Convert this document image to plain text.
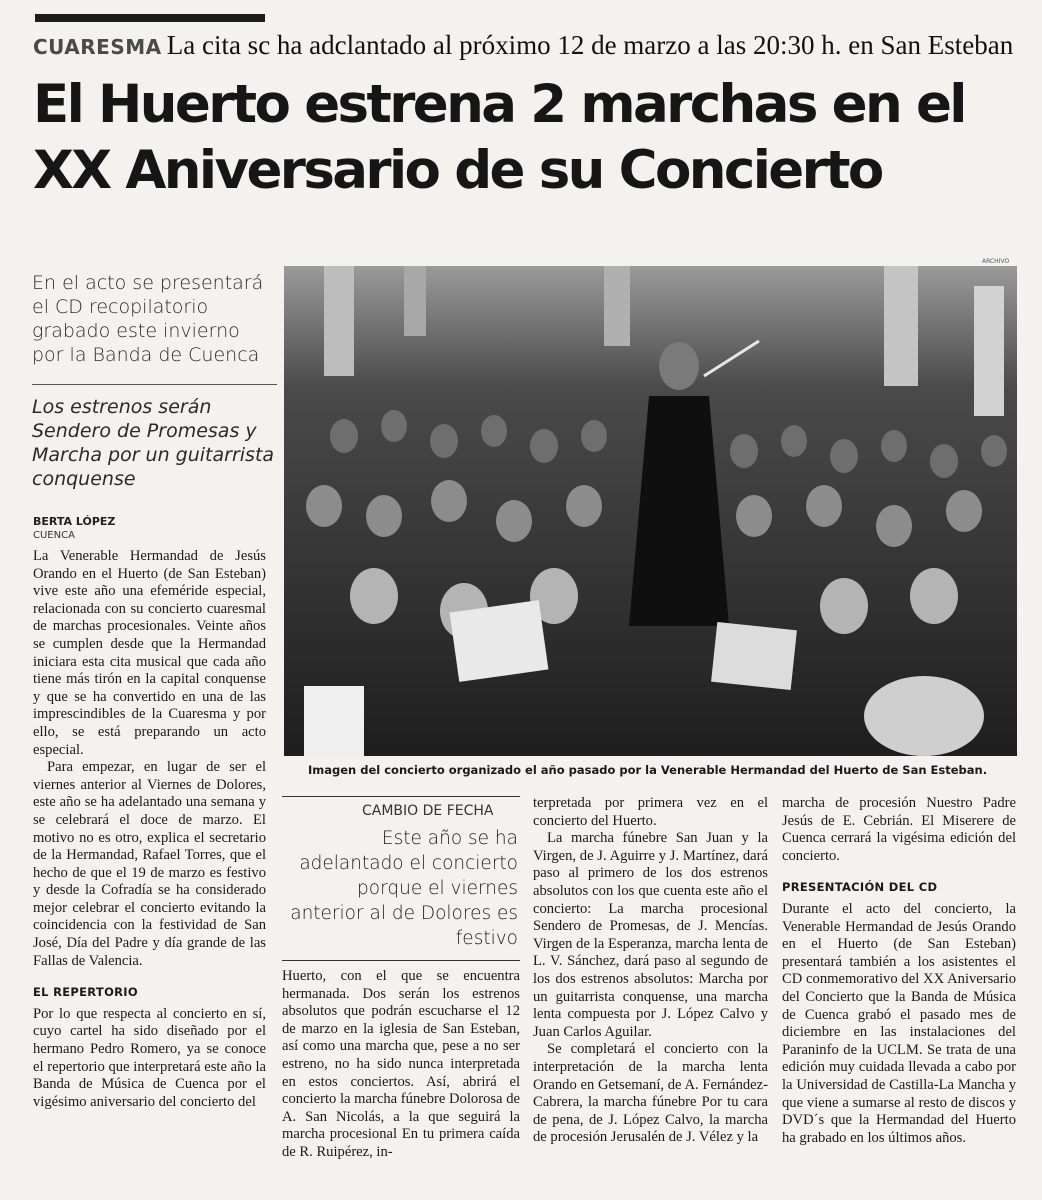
CUARESMA La cita sc ha adclantado al próximo 12 de marzo a las 20:30 h. en San Esteban
El Huerto estrena 2 marchas en el
XX Aniversario de su Concierto

En el acto se presentará el CD recopilatorio grabado este invierno por la Banda de Cuenca

Los estrenos serán Sendero de Promesas y Marcha por un guitarrista conquense

BERTA LÓPEZ
CUENCA

La Venerable Hermandad de Jesús Orando en el Huerto (de San Esteban) vive este año una efeméride especial, relacionada con su concierto cuaresmal de marchas procesionales. Veinte años se cumplen desde que la Hermandad iniciara esta cita musical que cada año tiene más tirón en la capital conquense y que se ha convertido en una de las imprescindibles de la Cuaresma y por ello, se está preparando un acto especial.

Para empezar, en lugar de ser el viernes anterior al Viernes de Dolores, este año se ha adelantado una semana y se celebrará el doce de marzo. El motivo no es otro, explica el secretario de la Hermandad, Rafael Torres, que el hecho de que el 19 de marzo es festivo y desde la Cofradía se ha considerado mejor celebrar el concierto evitando la coincidencia con la festividad de San José, Día del Padre y día grande de las Fallas de Valencia.

EL REPERTORIO

Por lo que respecta al concierto en sí, cuyo cartel ha sido diseñado por el hermano Pedro Romero, ya se conoce el repertorio que interpretará este año la Banda de Música de Cuenca por el vigésimo aniversario del concierto del

ARCHIVO
Imagen del concierto organizado el año pasado por la Venerable Hermandad del Huerto de San Esteban.
CAMBIO DE FECHA

Este año se ha adelantado el concierto porque el viernes anterior al de Dolores es festivo

Huerto, con el que se encuentra hermanada. Dos serán los estrenos absolutos que podrán escucharse el 12 de marzo en la iglesia de San Esteban, así como una marcha que, pese a no ser estreno, no ha sido nunca interpretada en estos conciertos. Así, abrirá el concierto la marcha fúnebre Dolorosa de A. San Nicolás, a la que seguirá la marcha procesional En tu primera caída de R. Ruipérez, in-

terpretada por primera vez en el concierto del Huerto.

La marcha fúnebre San Juan y la Virgen, de J. Aguirre y J. Martínez, dará paso al primero de los dos estrenos absolutos con los que cuenta este año el concierto: La marcha procesional Sendero de Promesas, de J. Mencías. Virgen de la Esperanza, marcha lenta de L. V. Sánchez, dará paso al segundo de los dos estrenos absolutos: Marcha por un guitarrista conquense, una marcha lenta compuesta por J. López Calvo y Juan Carlos Aguilar.

Se completará el concierto con la interpretación de la marcha lenta Orando en Getsemaní, de A. Fernández-Cabrera, la marcha fúnebre Por tu cara de pena, de J. López Calvo, la marcha de procesión Jerusalén de J. Vélez y la

marcha de procesión Nuestro Padre Jesús de E. Cebrián. El Miserere de Cuenca cerrará la vigésima edición del concierto.

PRESENTACIÓN DEL CD

Durante el acto del concierto, la Venerable Hermandad de Jesús Orando en el Huerto (de San Esteban) presentará también a los asistentes el CD conmemorativo del XX Aniversario del Concierto que la Banda de Música de Cuenca grabó el pasado mes de diciembre en las instalaciones del Paraninfo de la UCLM. Se trata de una edición muy cuidada llevada a cabo por la Universidad de Castilla-La Mancha y que viene a sumarse al resto de discos y DVD´s que la Hermandad del Huerto ha grabado en los últimos años.
